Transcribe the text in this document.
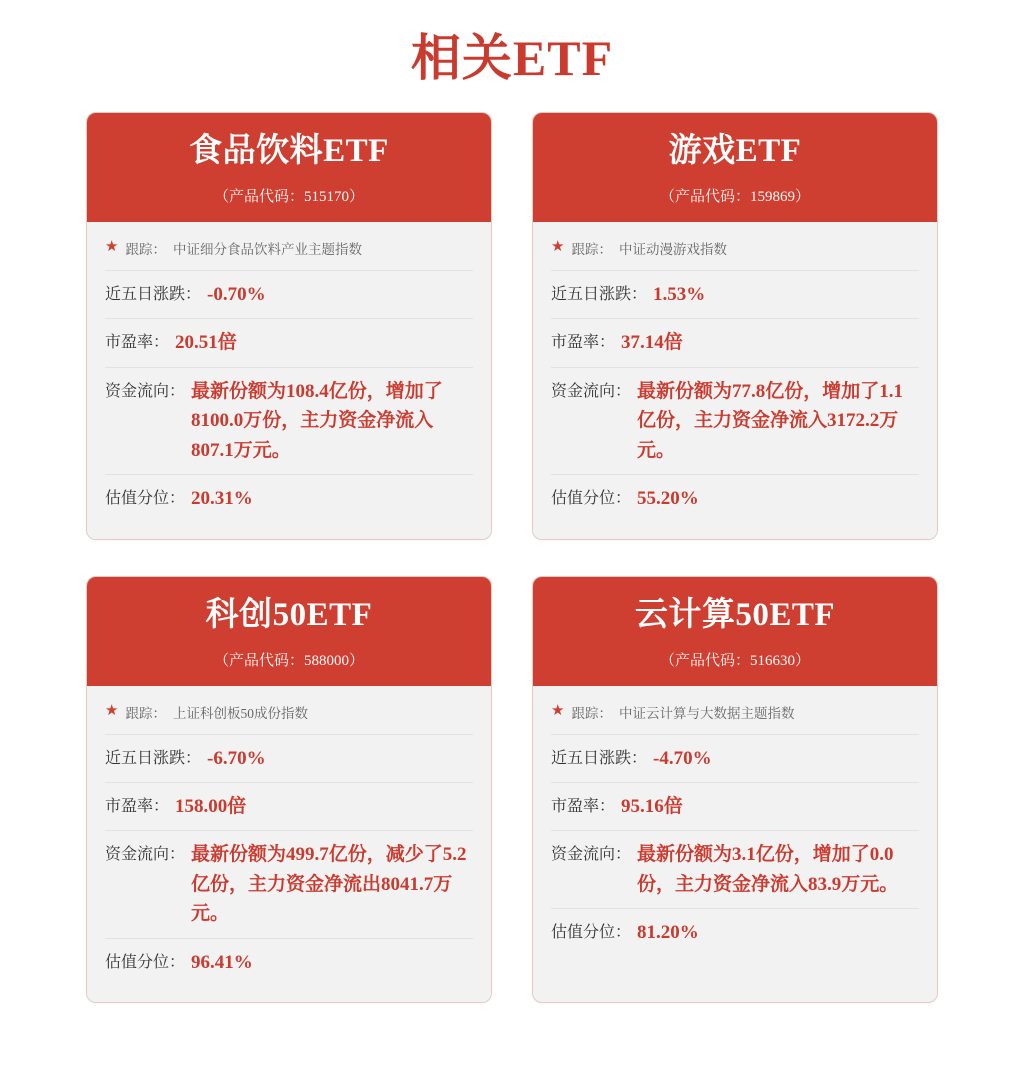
相关ETF
食品饮料ETF
（产品代码：515170）
★ 跟踪： 中证细分食品饮料产业主题指数
近五日涨跌： -0.70%
市盈率： 20.51倍
资金流向： 最新份额为108.4亿份，增加了8100.0万份，主力资金净流入807.1万元。
估值分位： 20.31%
游戏ETF
（产品代码：159869）
★ 跟踪： 中证动漫游戏指数
近五日涨跌： 1.53%
市盈率： 37.14倍
资金流向： 最新份额为77.8亿份，增加了1.1亿份，主力资金净流入3172.2万元。
估值分位： 55.20%
科创50ETF
（产品代码：588000）
★ 跟踪： 上证科创板50成份指数
近五日涨跌： -6.70%
市盈率： 158.00倍
资金流向： 最新份额为499.7亿份，减少了5.2亿份，主力资金净流出8041.7万元。
估值分位： 96.41%
云计算50ETF
（产品代码：516630）
★ 跟踪： 中证云计算与大数据主题指数
近五日涨跌： -4.70%
市盈率： 95.16倍
资金流向： 最新份额为3.1亿份，增加了0.0份，主力资金净流入83.9万元。
估值分位： 81.20%
